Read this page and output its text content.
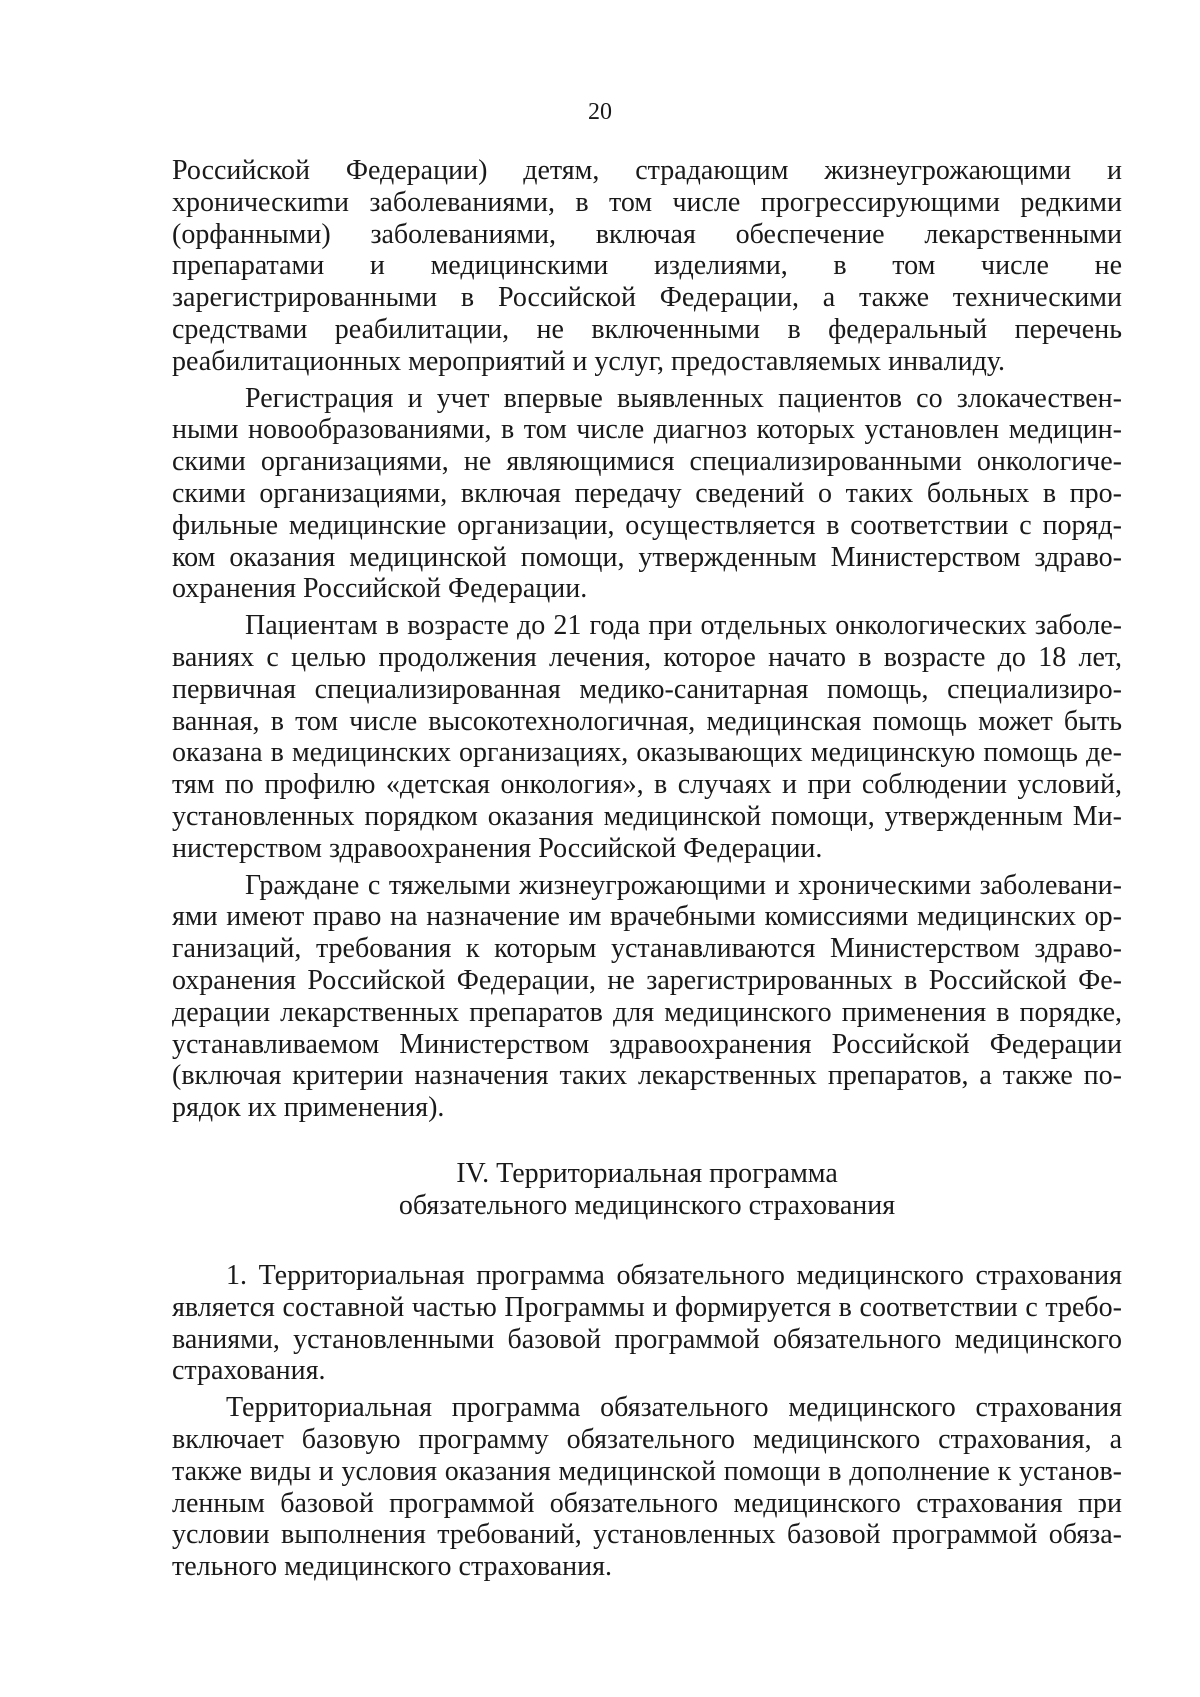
20

Российской Федерации) детям, страдающим жизнеугрожающими и хроническиmи заболеваниями, в том числе прогрессирующими редкими (орфанными) заболеваниями, включая обеспечение лекарственными препаратами и медицинскими изделиями, в том числе не зарегистрированными в Российской Федерации, а также техническими средствами реабилитации, не включенными в федеральный перечень реабилитационных мероприятий и услуг, предоставляемых инвалиду.

Регистрация и учет впервые выявленных пациентов со злокачественными новообразованиями, в том числе диагноз которых установлен медицинскими организациями, не являющимися специализированными онкологическими организациями, включая передачу сведений о таких больных в профильные медицинские организации, осуществляется в соответствии с порядком оказания медицинской помощи, утвержденным Министерством здравоохранения Российской Федерации.

Пациентам в возрасте до 21 года при отдельных онкологических заболеваниях с целью продолжения лечения, которое начато в возрасте до 18 лет, первичная специализированная медико-санитарная помощь, специализированная, в том числе высокотехнологичная, медицинская помощь может быть оказана в медицинских организациях, оказывающих медицинскую помощь детям по профилю «детская онкология», в случаях и при соблюдении условий, установленных порядком оказания медицинской помощи, утвержденным Министерством здравоохранения Российской Федерации.

Граждане с тяжелыми жизнеугрожающими и хроническими заболеваниями имеют право на назначение им врачебными комиссиями медицинских организаций, требования к которым устанавливаются Министерством здравоохранения Российской Федерации, не зарегистрированных в Российской Федерации лекарственных препаратов для медицинского применения в порядке, устанавливаемом Министерством здравоохранения Российской Федерации (включая критерии назначения таких лекарственных препаратов, а также порядок их применения).

IV. Территориальная программа
обязательного медицинского страхования

1. Территориальная программа обязательного медицинского страхования является составной частью Программы и формируется в соответствии с требованиями, установленными базовой программой обязательного медицинского страхования.

Территориальная программа обязательного медицинского страхования включает базовую программу обязательного медицинского страхования, а также виды и условия оказания медицинской помощи в дополнение к установленным базовой программой обязательного медицинского страхования при условии выполнения требований, установленных базовой программой обязательного медицинского страхования.
